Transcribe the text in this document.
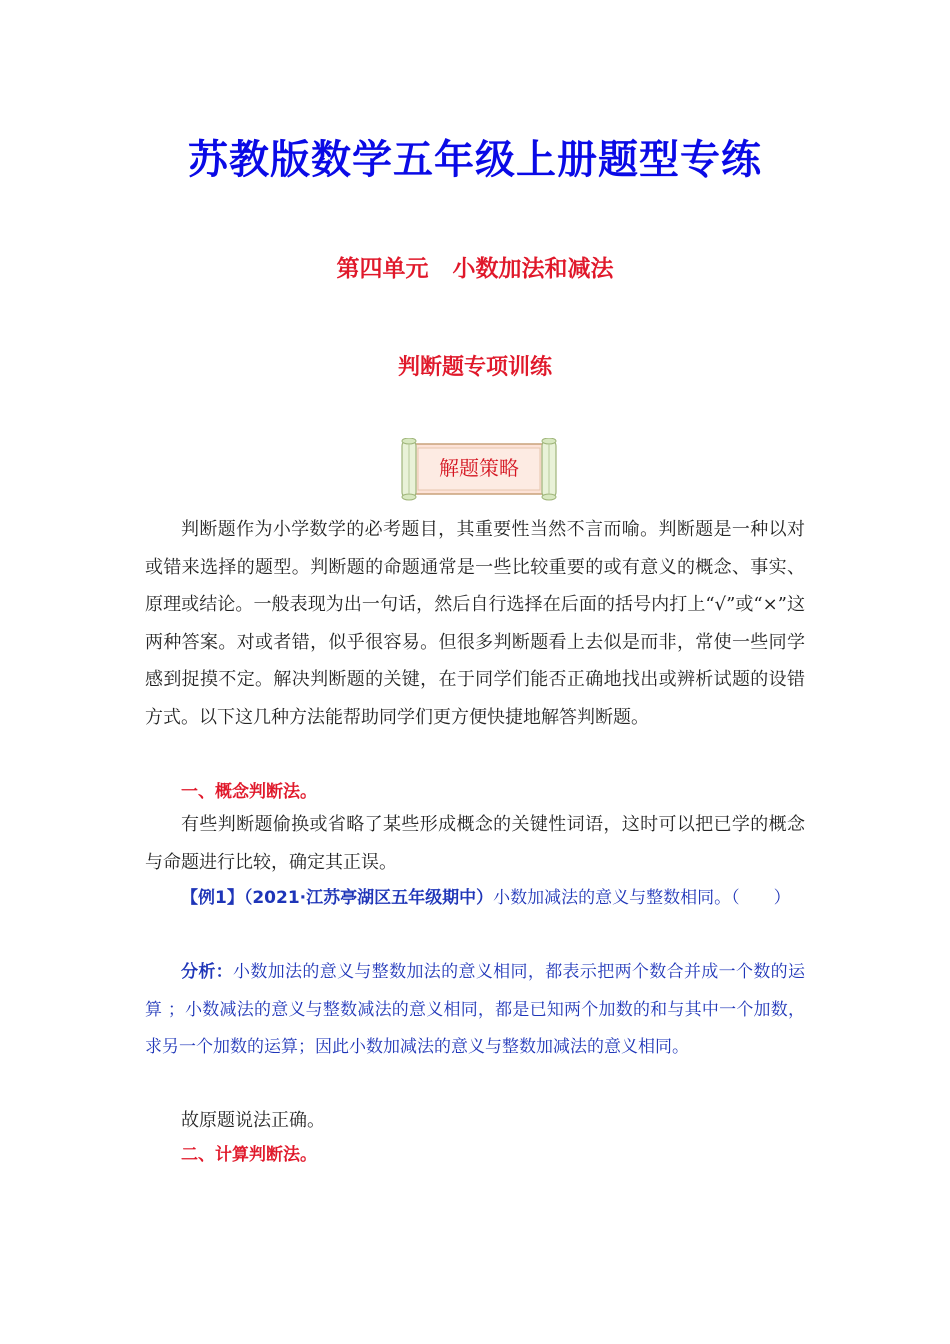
苏教版数学五年级上册题型专练
第四单元   小数加法和减法
判断题专项训练
解题策略

判断题作为小学数学的必考题目，其重要性当然不言而喻。判断题是一种以对或错来选择的题型。判断题的命题通常是一些比较重要的或有意义的概念、事实、原理或结论。一般表现为出一句话，然后自行选择在后面的括号内打上“√”或“×”这两种答案。对或者错，似乎很容易。但很多判断题看上去似是而非，常使一些同学感到捉摸不定。解决判断题的关键，在于同学们能否正确地找出或辨析试题的设错方式。以下这几种方法能帮助同学们更方便快捷地解答判断题。

一、概念判断法。

有些判断题偷换或省略了某些形成概念的关键性词语，这时可以把已学的概念与命题进行比较，确定其正误。

【例1】（2021·江苏亭湖区五年级期中）小数加减法的意义与整数相同。（　　）

分析：小数加法的意义与整数加法的意义相同，都表示把两个数合并成一个数的运算 ；小数减法的意义与整数减法的意义相同，都是已知两个加数的和与其中一个加数，求另一个加数的运算；因此小数加减法的意义与整数加减法的意义相同。

故原题说法正确。

二、计算判断法。
